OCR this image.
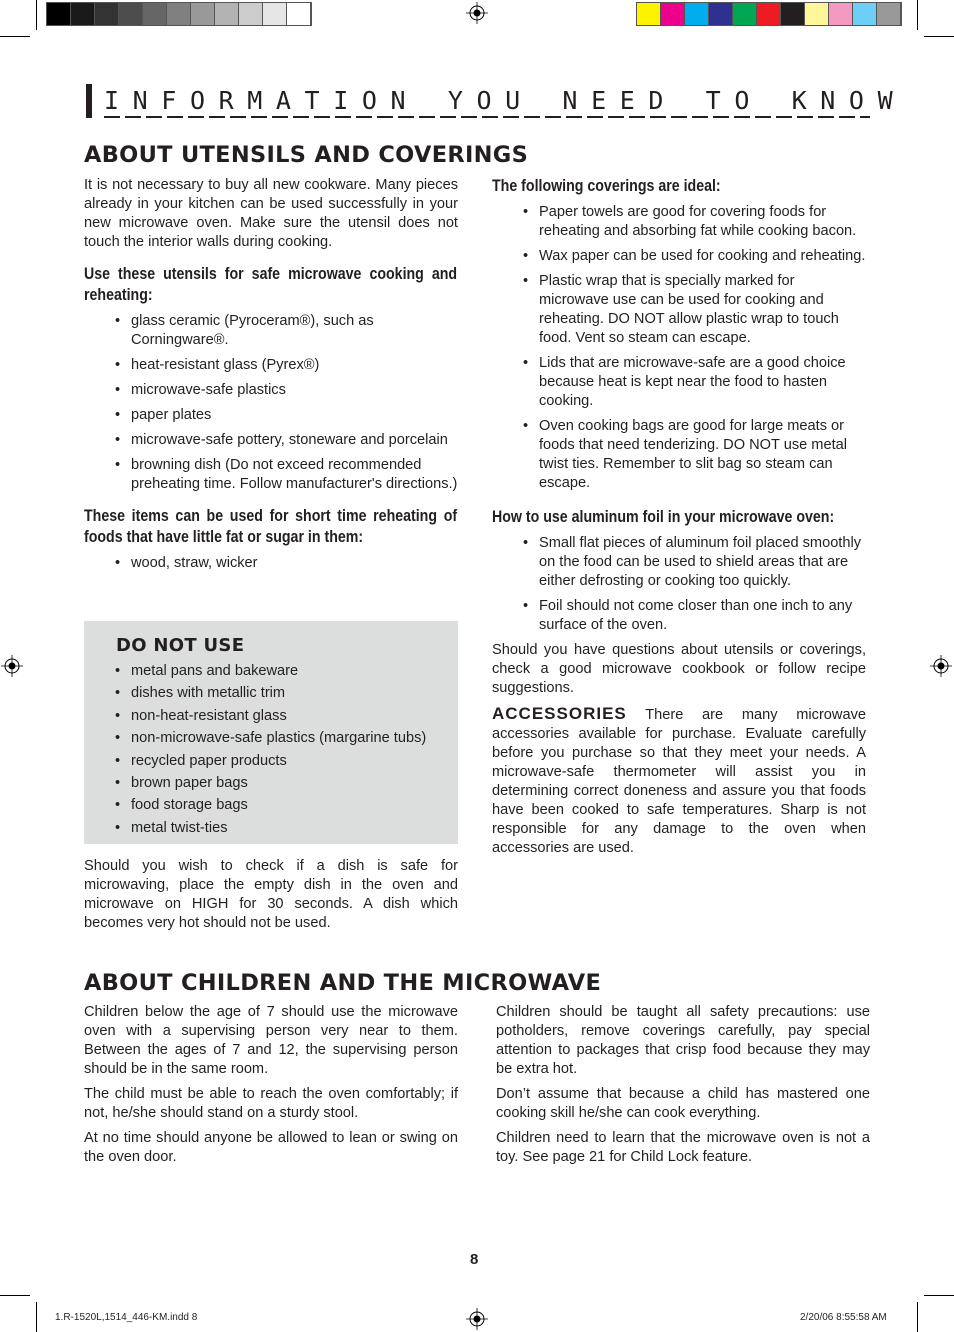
INFORMATION YOU NEED TO KNOW
ABOUT UTENSILS AND COVERINGS

It is not necessary to buy all new cookware. Many pieces already in your kitchen can be used successfully in your new microwave oven. Make sure the utensil does not touch the interior walls during cooking.

Use these utensils for safe microwave cooking and reheating:

• glass ceramic (Pyroceram®), such as Corningware®.
• heat-resistant glass (Pyrex®)
• microwave-safe plastics
• paper plates
• microwave-safe pottery, stoneware and porcelain
• browning dish (Do not exceed recommended preheating time. Follow manufacturer's directions.)

These items can be used for short time reheating of foods that have little fat or sugar in them:

• wood, straw, wicker
DO NOT USE
• metal pans and bakeware
• dishes with metallic trim
• non-heat-resistant glass
• non-microwave-safe plastics (margarine tubs)
• recycled paper products
• brown paper bags
• food storage bags
• metal twist-ties

Should you wish to check if a dish is safe for microwaving, place the empty dish in the oven and microwave on HIGH for 30 seconds. A dish which becomes very hot should not be used.

The following coverings are ideal:

• Paper towels are good for covering foods for reheating and absorbing fat while cooking bacon.
• Wax paper can be used for cooking and reheating.
• Plastic wrap that is specially marked for microwave use can be used for cooking and reheating. DO NOT allow plastic wrap to touch food. Vent so steam can escape.
• Lids that are microwave-safe are a good choice because heat is kept near the food to hasten cooking.
• Oven cooking bags are good for large meats or foods that need tenderizing. DO NOT use metal twist ties. Remember to slit bag so steam can escape.

How to use aluminum foil in your microwave oven:

• Small flat pieces of aluminum foil placed smoothly on the food can be used to shield areas that are either defrosting or cooking too quickly.
• Foil should not come closer than one inch to any surface of the oven.

Should you have questions about utensils or coverings, check a good microwave cookbook or follow recipe suggestions.

ACCESSORIES There are many microwave accessories available for purchase. Evaluate carefully before you purchase so that they meet your needs. A microwave-safe thermometer will assist you in determining correct doneness and assure you that foods have been cooked to safe temperatures. Sharp is not responsible for any damage to the oven when accessories are used.

ABOUT CHILDREN AND THE MICROWAVE

Children below the age of 7 should use the microwave oven with a supervising person very near to them. Between the ages of 7 and 12, the supervising person should be in the same room.

The child must be able to reach the oven comfortably; if not, he/she should stand on a sturdy stool.

At no time should anyone be allowed to lean or swing on the oven door.

Children should be taught all safety precautions: use potholders, remove coverings carefully, pay special attention to packages that crisp food because they may be extra hot.

Don’t assume that because a child has mastered one cooking skill he/she can cook everything.

Children need to learn that the microwave oven is not a toy. See page 21 for Child Lock feature.

8
1.R-1520L,1514_446-KM.indd 8	2/20/06 8:55:58 AM
